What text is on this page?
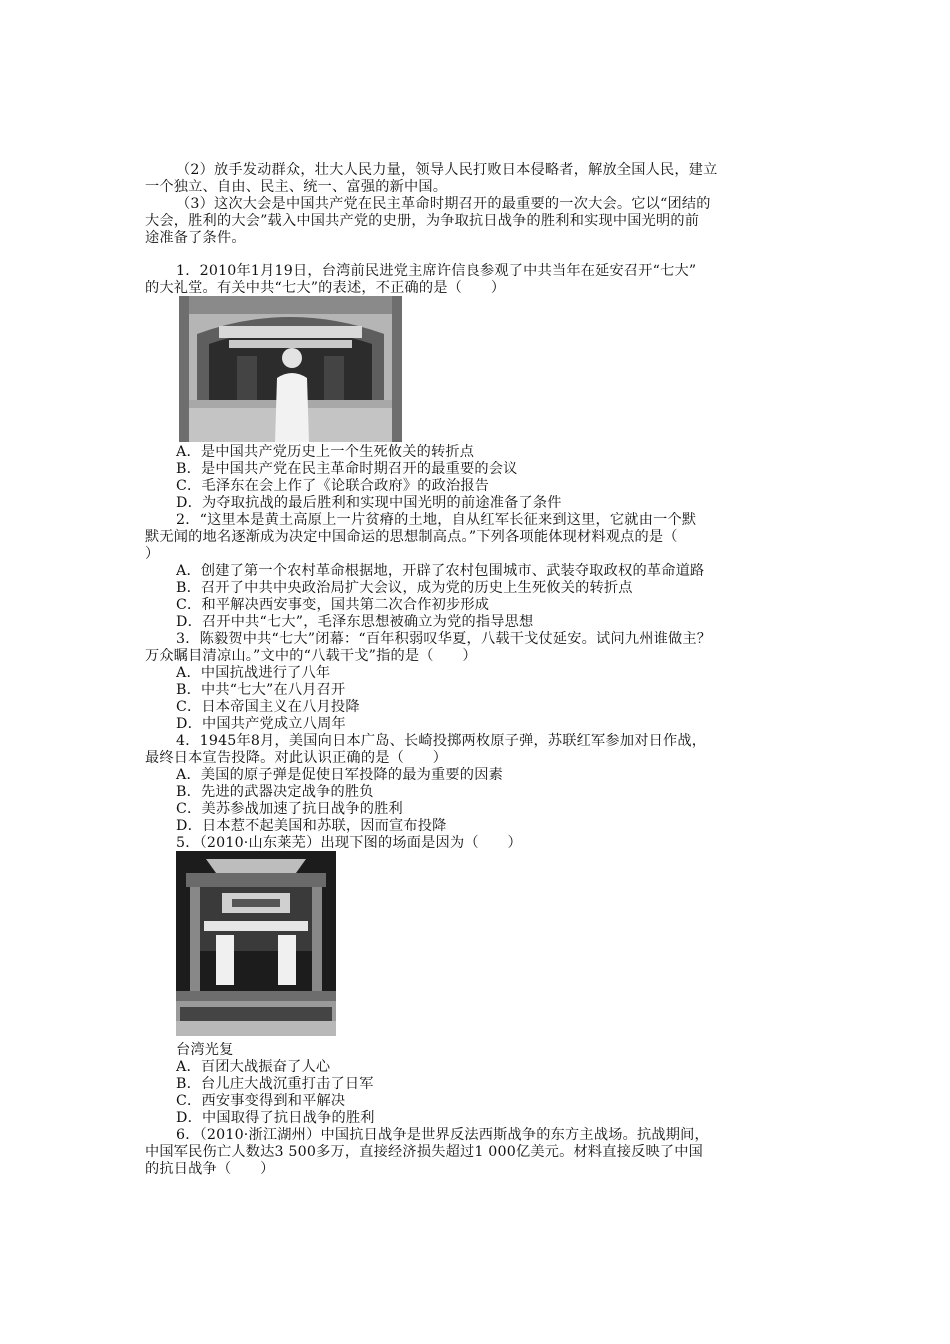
（2）放手发动群众，壮大人民力量，领导人民打败日本侵略者，解放全国人民，建立
一个独立、自由、民主、统一、富强的新中国。
（3）这次大会是中国共产党在民主革命时期召开的最重要的一次大会。它以“团结的
大会，胜利的大会”载入中国共产党的史册，为争取抗日战争的胜利和实现中国光明的前
途准备了条件。
1．2010年1月19日，台湾前民进党主席许信良参观了中共当年在延安召开“七大”
的大礼堂。有关中共“七大”的表述，不正确的是（　　）
A．是中国共产党历史上一个生死攸关的转折点
B．是中国共产党在民主革命时期召开的最重要的会议
C．毛泽东在会上作了《论联合政府》的政治报告
D．为夺取抗战的最后胜利和实现中国光明的前途准备了条件
2．“这里本是黄土高原上一片贫瘠的土地，自从红军长征来到这里，它就由一个默
默无闻的地名逐渐成为决定中国命运的思想制高点。”下列各项能体现材料观点的是（
）
A．创建了第一个农村革命根据地，开辟了农村包围城市、武装夺取政权的革命道路
B．召开了中共中央政治局扩大会议，成为党的历史上生死攸关的转折点
C．和平解决西安事变，国共第二次合作初步形成
D．召开中共“七大”，毛泽东思想被确立为党的指导思想
3．陈毅贺中共“七大”闭幕：“百年积弱叹华夏，八载干戈仗延安。试问九州谁做主？
万众瞩目清凉山。”文中的“八载干戈”指的是（　　）
A．中国抗战进行了八年
B．中共“七大”在八月召开
C．日本帝国主义在八月投降
D．中国共产党成立八周年
4．1945年8月，美国向日本广岛、长崎投掷两枚原子弹，苏联红军参加对日作战，
最终日本宣告投降。对此认识正确的是（　　）
A．美国的原子弹是促使日军投降的最为重要的因素
B．先进的武器决定战争的胜负
C．美苏参战加速了抗日战争的胜利
D．日本惹不起美国和苏联，因而宣布投降
5．（2010·山东莱芜）出现下图的场面是因为（　　）
台湾光复
A．百团大战振奋了人心
B．台儿庄大战沉重打击了日军
C．西安事变得到和平解决
D．中国取得了抗日战争的胜利
6．（2010·浙江湖州）中国抗日战争是世界反法西斯战争的东方主战场。抗战期间，
中国军民伤亡人数达3 500多万，直接经济损失超过1 000亿美元。材料直接反映了中国
的抗日战争（　　）
